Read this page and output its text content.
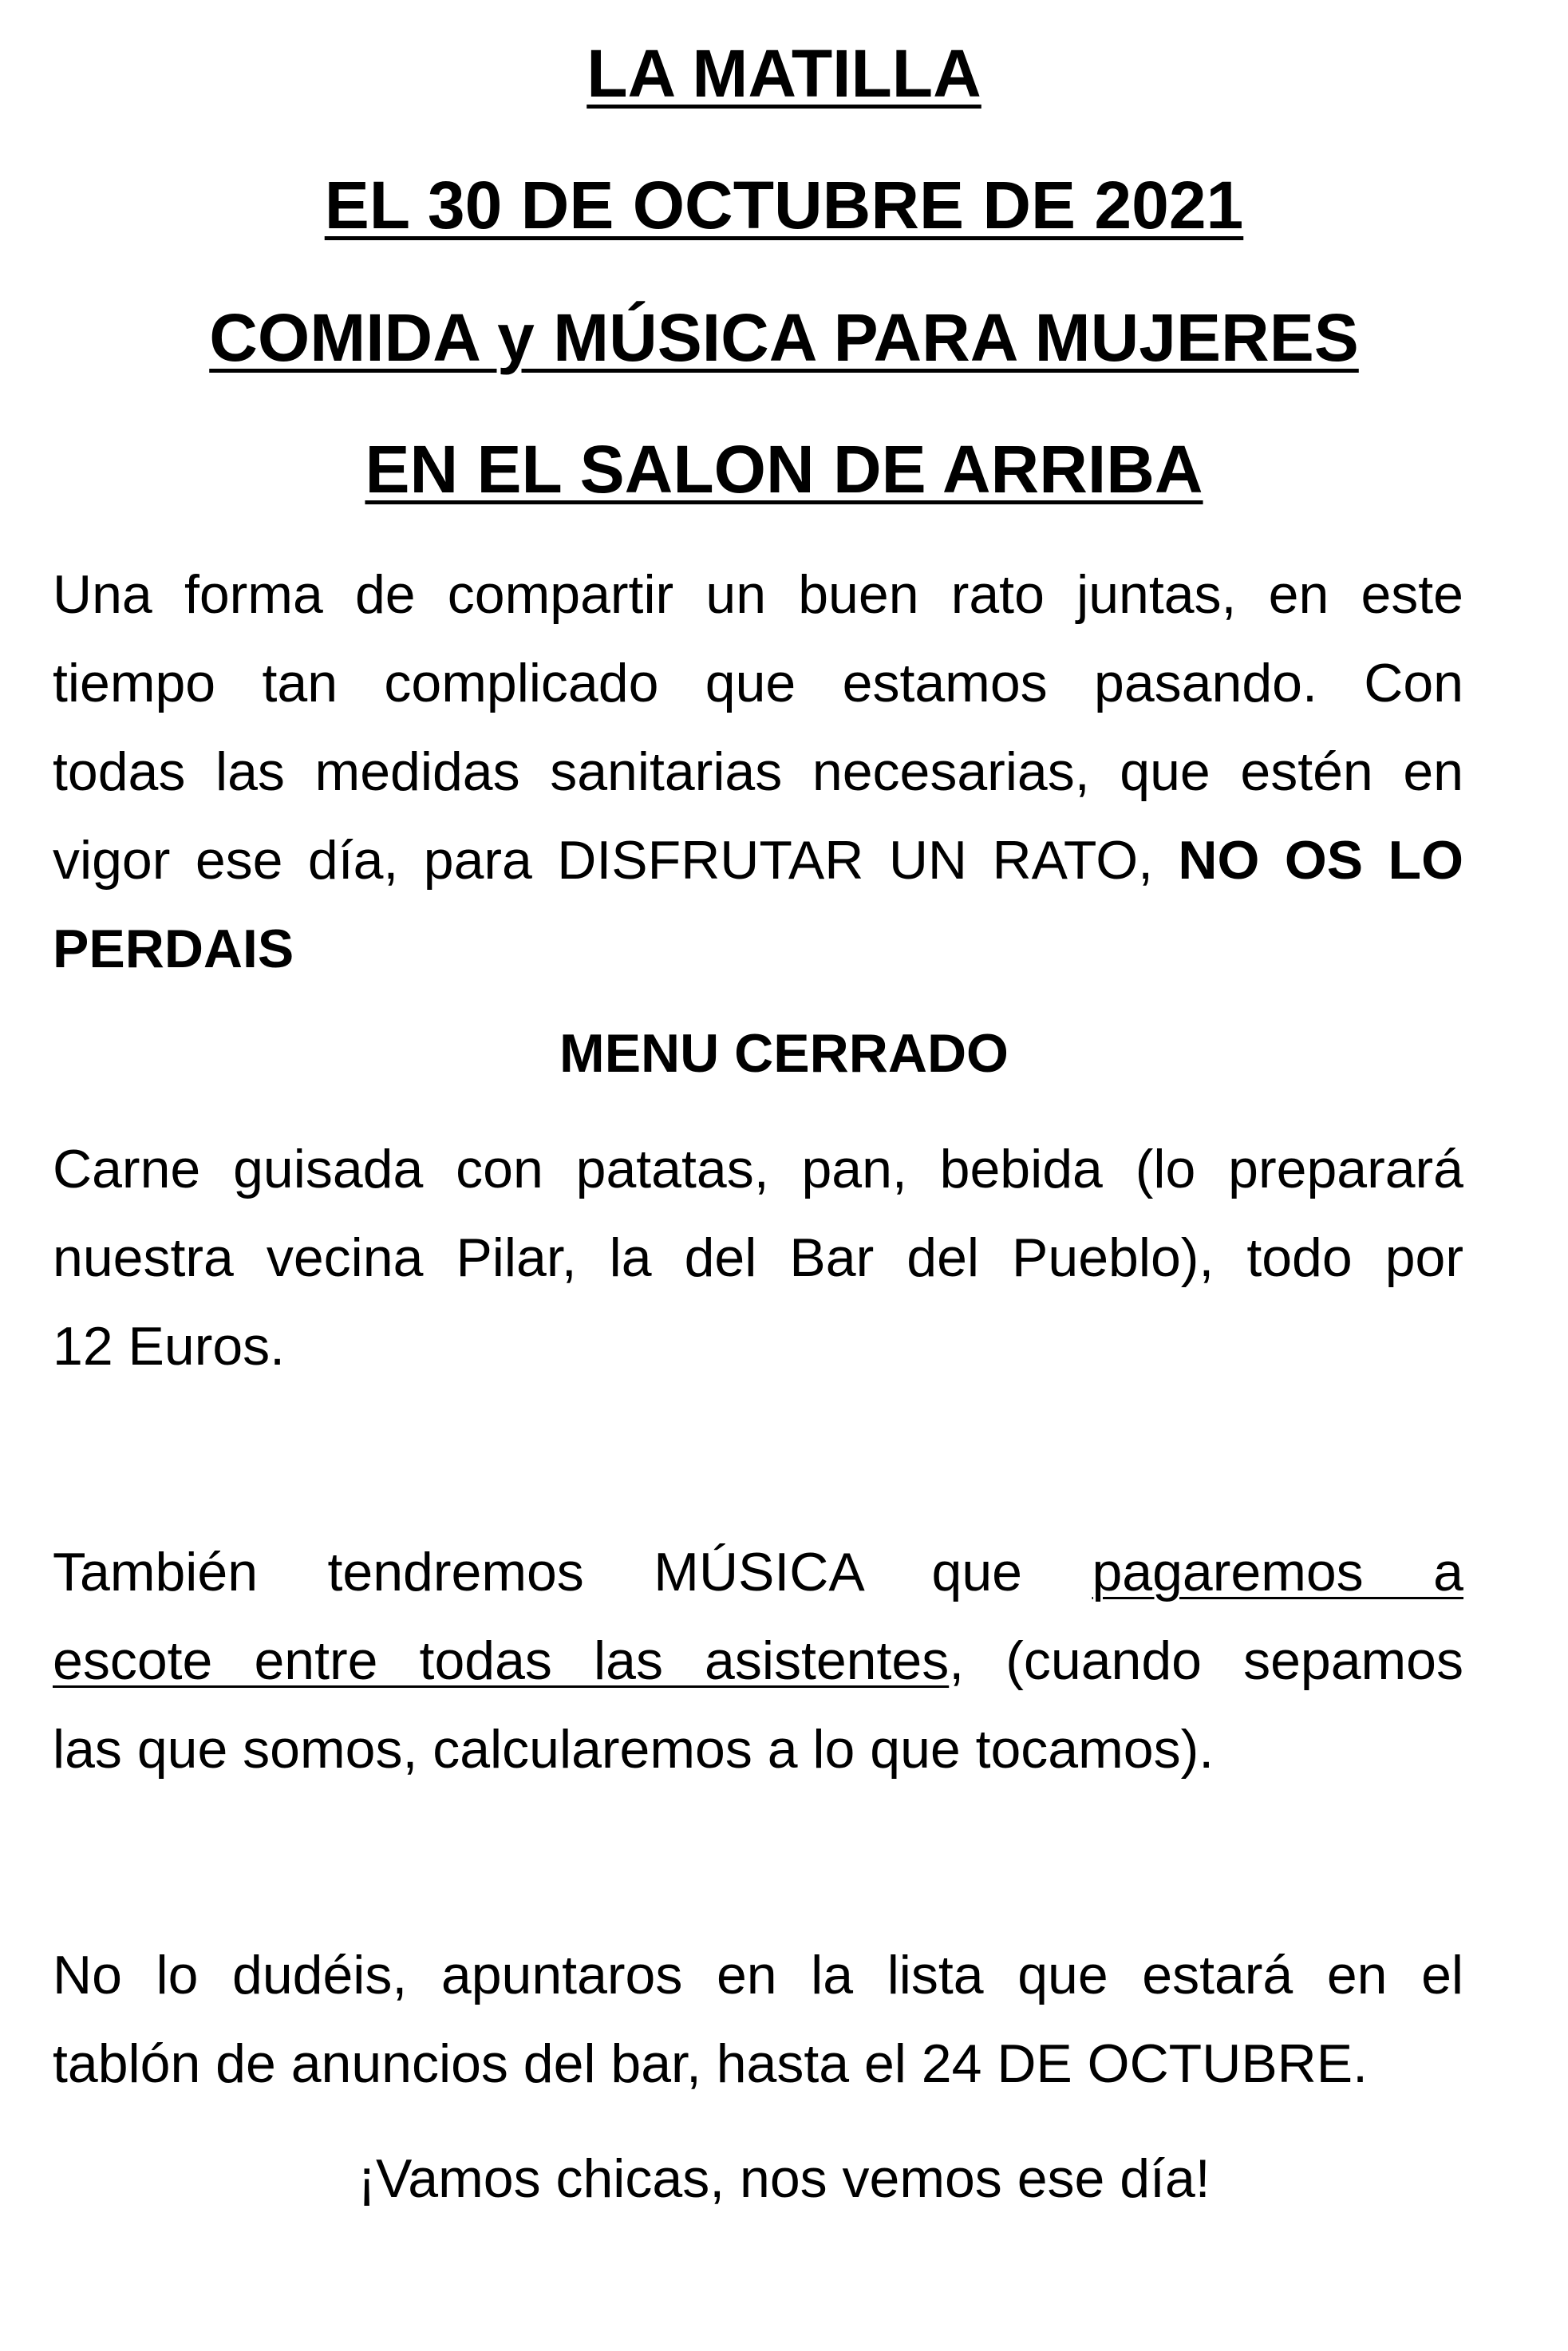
LA MATILLA
EL 30 DE OCTUBRE DE 2021
COMIDA y MÚSICA PARA MUJERES
EN EL SALON DE ARRIBA
Una forma de compartir un buen rato juntas, en este
tiempo tan complicado que estamos pasando. Con
todas las medidas sanitarias necesarias, que estén en
vigor ese día, para DISFRUTAR UN RATO, NO OS LO
PERDAIS
MENU CERRADO
Carne guisada con patatas, pan, bebida (lo preparará
nuestra vecina Pilar, la del Bar del Pueblo), todo por
12 Euros.
También tendremos MÚSICA que pagaremos a
escote entre todas las asistentes, (cuando sepamos
las que somos, calcularemos a lo que tocamos).
No lo dudéis, apuntaros en la lista que estará en el
tablón de anuncios del bar, hasta el 24 DE OCTUBRE.
¡Vamos chicas, nos vemos ese día!
